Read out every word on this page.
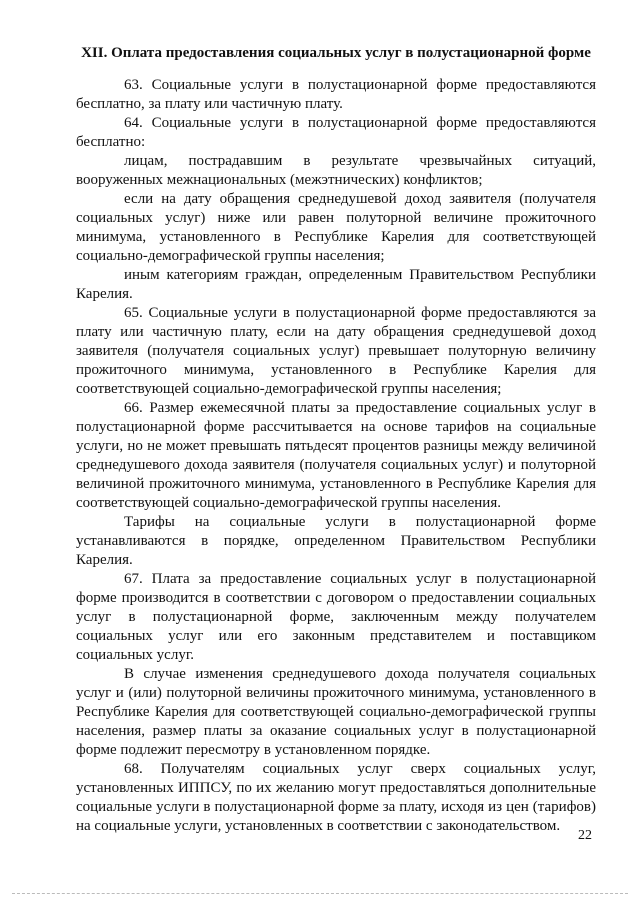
XII. Оплата предоставления социальных услуг в полустационарной форме

63. Социальные услуги в полустационарной форме предоставляются бесплатно, за плату или частичную плату.

64. Социальные услуги в полустационарной форме предоставляются бесплатно:

лицам, пострадавшим в результате чрезвычайных ситуаций, вооруженных межнациональных (межэтнических) конфликтов;

если на дату обращения среднедушевой доход заявителя (получателя социальных услуг) ниже или равен полуторной величине прожиточного минимума, установленного в Республике Карелия для соответствующей социально-демографической группы населения;

иным категориям граждан, определенным Правительством Республики Карелия.

65. Социальные услуги в полустационарной форме предоставляются за плату или частичную плату, если на дату обращения среднедушевой доход заявителя (получателя социальных услуг) превышает полуторную величину прожиточного минимума, установленного в Республике Карелия для соответствующей социально-демографической группы населения;

66. Размер ежемесячной платы за предоставление социальных услуг в полустационарной форме рассчитывается на основе тарифов на социальные услуги, но не может превышать пятьдесят процентов разницы между величиной среднедушевого дохода заявителя (получателя социальных услуг) и полуторной величиной прожиточного минимума, установленного в Республике Карелия для соответствующей социально-демографической группы населения.

Тарифы на социальные услуги в полустационарной форме устанавливаются в порядке, определенном Правительством Республики Карелия.

67. Плата за предоставление социальных услуг в полустационарной форме производится в соответствии с договором о предоставлении социальных услуг в полустационарной форме, заключенным между получателем социальных услуг или его законным представителем и поставщиком социальных услуг.

В случае изменения среднедушевого дохода получателя социальных услуг и (или) полуторной величины прожиточного минимума, установленного в Республике Карелия для соответствующей социально-демографической группы населения, размер платы за оказание социальных услуг в полустационарной форме подлежит пересмотру в установленном порядке.

68. Получателям социальных услуг сверх социальных услуг, установленных ИППСУ, по их желанию могут предоставляться дополнительные социальные услуги в полустационарной форме за плату, исходя из цен (тарифов) на социальные услуги, установленных в соответствии с законодательством.

22
